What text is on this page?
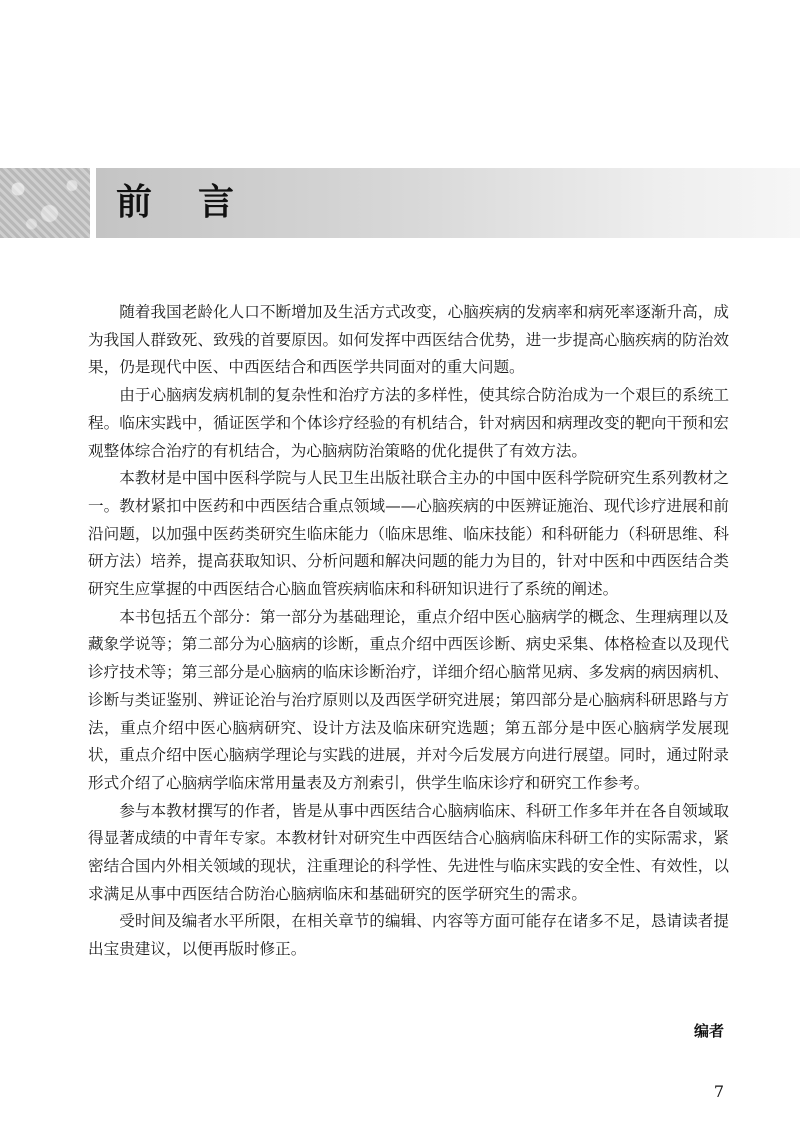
前言

随着我国老龄化人口不断增加及生活方式改变，心脑疾病的发病率和病死率逐渐升高，成为我国人群致死、致残的首要原因。如何发挥中西医结合优势，进一步提高心脑疾病的防治效果，仍是现代中医、中西医结合和西医学共同面对的重大问题。

由于心脑病发病机制的复杂性和治疗方法的多样性，使其综合防治成为一个艰巨的系统工程。临床实践中，循证医学和个体诊疗经验的有机结合，针对病因和病理改变的靶向干预和宏观整体综合治疗的有机结合，为心脑病防治策略的优化提供了有效方法。

本教材是中国中医科学院与人民卫生出版社联合主办的中国中医科学院研究生系列教材之一。教材紧扣中医药和中西医结合重点领域——心脑疾病的中医辨证施治、现代诊疗进展和前沿问题，以加强中医药类研究生临床能力（临床思维、临床技能）和科研能力（科研思维、科研方法）培养，提高获取知识、分析问题和解决问题的能力为目的，针对中医和中西医结合类研究生应掌握的中西医结合心脑血管疾病临床和科研知识进行了系统的阐述。

本书包括五个部分：第一部分为基础理论，重点介绍中医心脑病学的概念、生理病理以及藏象学说等；第二部分为心脑病的诊断，重点介绍中西医诊断、病史采集、体格检查以及现代诊疗技术等；第三部分是心脑病的临床诊断治疗，详细介绍心脑常见病、多发病的病因病机、诊断与类证鉴别、辨证论治与治疗原则以及西医学研究进展；第四部分是心脑病科研思路与方法，重点介绍中医心脑病研究、设计方法及临床研究选题；第五部分是中医心脑病学发展现状，重点介绍中医心脑病学理论与实践的进展，并对今后发展方向进行展望。同时，通过附录形式介绍了心脑病学临床常用量表及方剂索引，供学生临床诊疗和研究工作参考。

参与本教材撰写的作者，皆是从事中西医结合心脑病临床、科研工作多年并在各自领域取得显著成绩的中青年专家。本教材针对研究生中西医结合心脑病临床科研工作的实际需求，紧密结合国内外相关领域的现状，注重理论的科学性、先进性与临床实践的安全性、有效性，以求满足从事中西医结合防治心脑病临床和基础研究的医学研究生的需求。

受时间及编者水平所限，在相关章节的编辑、内容等方面可能存在诸多不足，恳请读者提出宝贵建议，以便再版时修正。

编者
7
